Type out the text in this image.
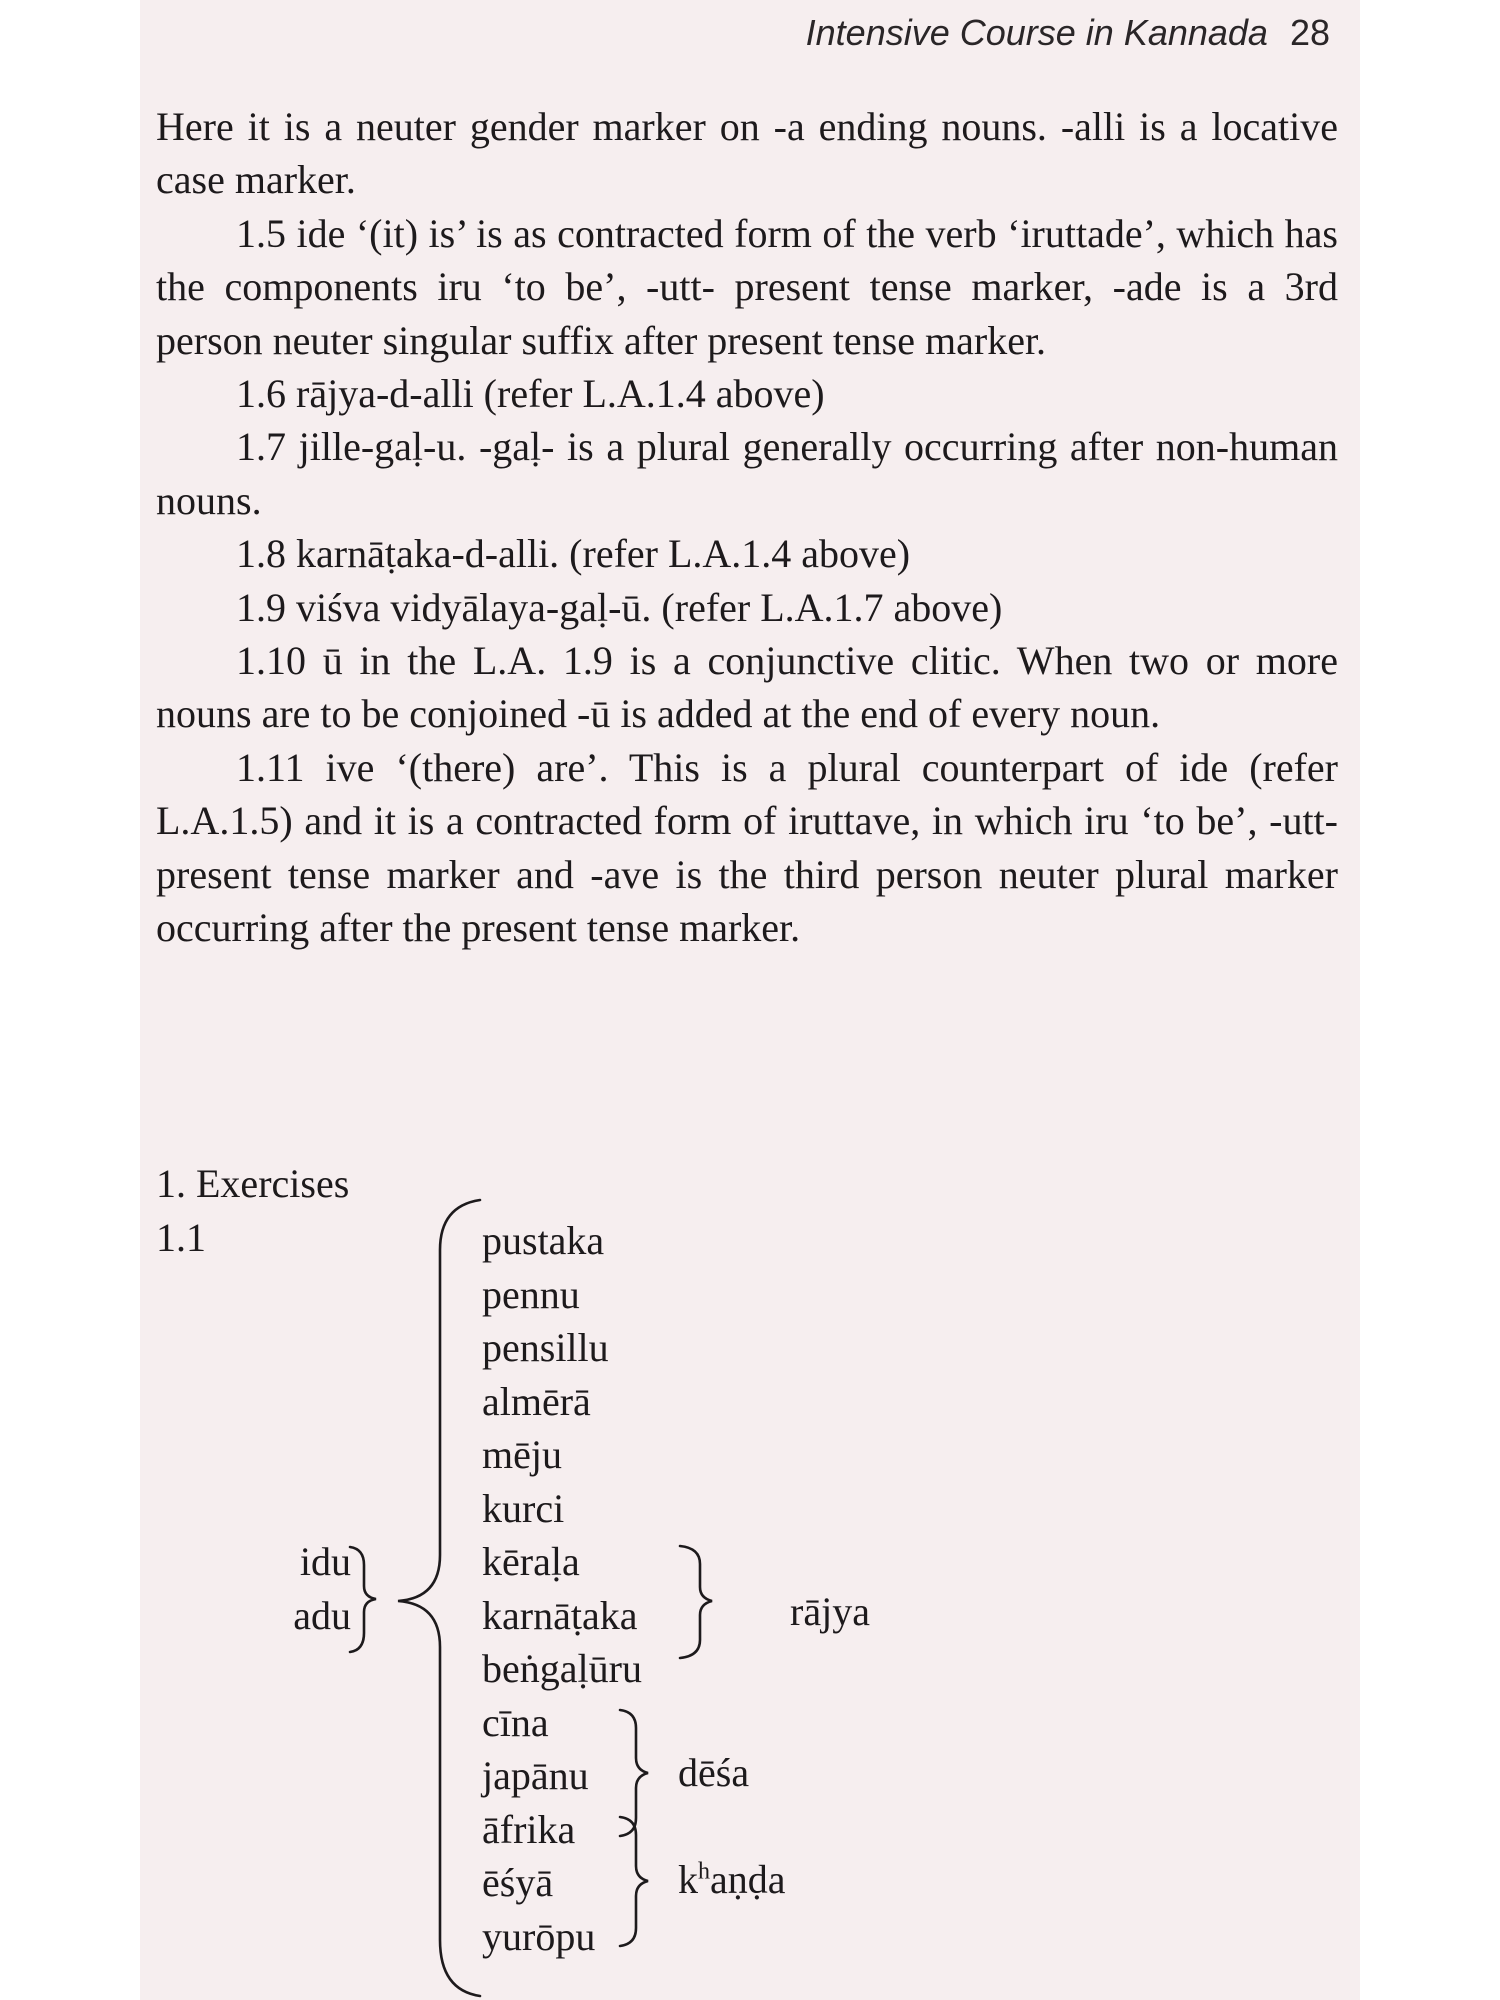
Intensive Course in Kannada 28

Here it is a neuter gender marker on -a ending nouns. -alli is a locative case marker.

1.5 ide ‘(it) is’ is as contracted form of the verb ‘iruttade’, which has the components iru ‘to be’, -utt- present tense marker, -ade is a 3rd person neuter singular suffix after present tense marker.

1.6 rājya-d-alli (refer L.A.1.4 above)

1.7 jille-gaḷ-u. -gaḷ- is a plural generally occurring after non-human nouns.

1.8 karnāṭaka-d-alli. (refer L.A.1.4 above)

1.9 viśva vidyālaya-gaḷ-ū. (refer L.A.1.7 above)

1.10 ū in the L.A. 1.9 is a conjunctive clitic. When two or more nouns are to be conjoined -ū is added at the end of every noun.

1.11 ive ‘(there) are’. This is a plural counterpart of ide (refer L.A.1.5) and it is a contracted form of iruttave, in which iru ‘to be’, -utt- present tense marker and -ave is the third person neuter plural marker occurring after the present tense marker.

1. Exercises
1.1
idu
adu
pustaka
pennu
pensillu
almērā
mēju
kurci
kēraḷa
karnāṭaka
beṅgaḷūru
cīna
japānu
āfrika
ēśyā
yurōpu
rājya
dēśa
$k^haṇḍa$
